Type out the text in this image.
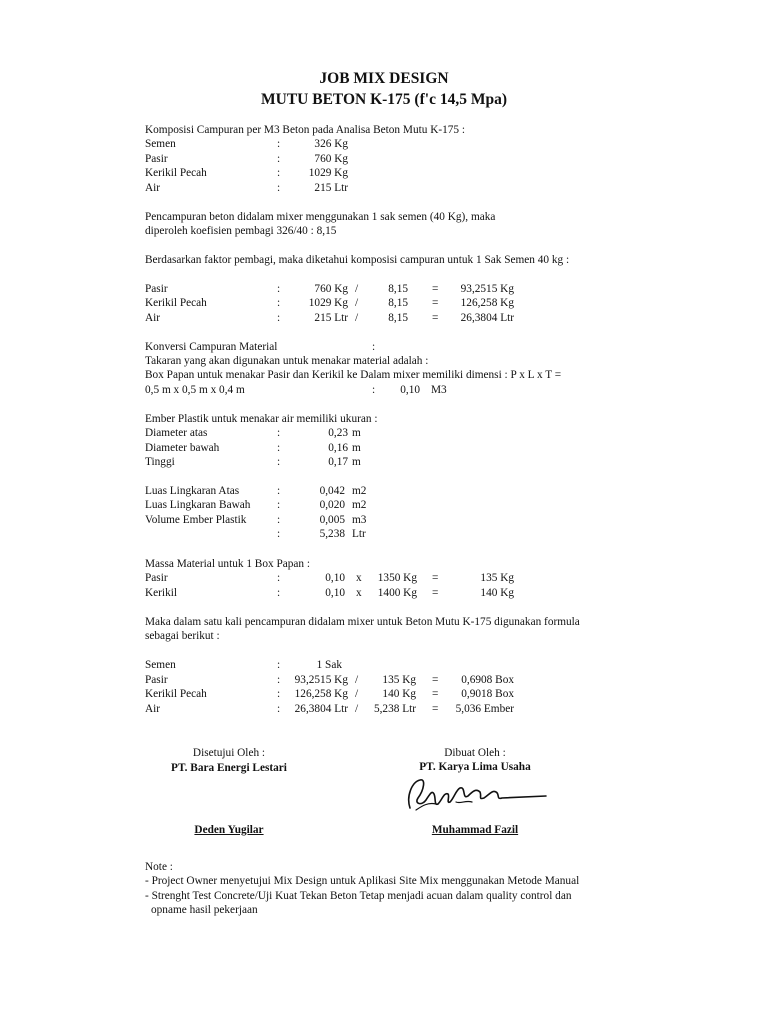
JOB MIX DESIGN
MUTU BETON K-175 (f'c 14,5 Mpa)
Komposisi Campuran per M3 Beton pada Analisa Beton Mutu K-175 :
Semen	:	326 Kg
Pasir	:	760 Kg
Kerikil Pecah	:	1029 Kg
Air	:	215 Ltr
Pencampuran beton didalam mixer menggunakan 1 sak semen (40 Kg), maka
diperoleh koefisien pembagi 326/40 : 8,15
Berdasarkan faktor pembagi, maka diketahui komposisi campuran untuk 1 Sak Semen 40 kg :
Pasir	:	760 Kg /	8,15 =	93,2515 Kg
Kerikil Pecah	:	1029 Kg /	8,15 =	126,258 Kg
Air	:	215 Ltr /	8,15 =	26,3804 Ltr
Konversi Campuran Material	:
Takaran yang akan digunakan untuk menakar material adalah :
Box Papan untuk menakar Pasir dan Kerikil ke Dalam mixer memiliki dimensi : P x L x T =
0,5 m x 0,5 m x 0,4 m	:	0,10 M3
Ember Plastik untuk menakar air memiliki ukuran :
Diameter atas	:	0,23 m
Diameter bawah	:	0,16 m
Tinggi	:	0,17 m
Luas Lingkaran Atas	:	0,042 m2
Luas Lingkaran Bawah :	0,020 m2
Volume Ember Plastik	:	0,005 m3
:	5,238 Ltr
Massa Material untuk 1 Box Papan :
Pasir	:	0,10 x	1350 Kg =	135 Kg
Kerikil	:	0,10 x	1400 Kg =	140 Kg
Maka dalam satu kali pencampuran didalam mixer untuk Beton Mutu K-175 digunakan formula
sebagai berikut :
Semen	:	1 Sak
Pasir	:	93,2515 Kg /	135 Kg =	0,6908 Box
Kerikil Pecah	:	126,258 Kg /	140 Kg =	0,9018 Box
Air	:	26,3804 Ltr /	5,238 Ltr =	5,036 Ember
Disetujui Oleh :
PT. Bara Energi Lestari
Deden Yugilar
Dibuat Oleh :
PT. Karya Lima Usaha
Muhammad Fazil
Note :
- Project Owner menyetujui Mix Design untuk Aplikasi Site Mix menggunakan Metode Manual
- Strenght Test Concrete/Uji Kuat Tekan Beton Tetap menjadi acuan dalam quality control dan
opname hasil pekerjaan
